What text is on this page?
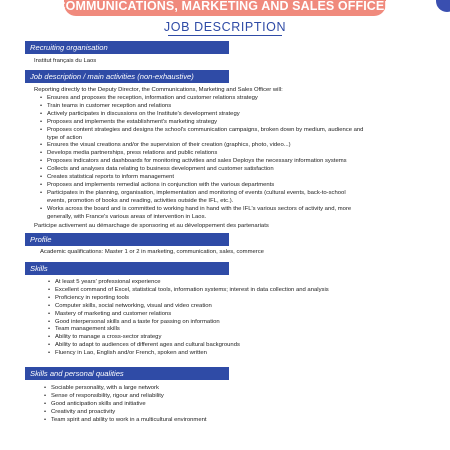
COMMUNICATIONS, MARKETING AND SALES OFFICER
JOB DESCRIPTION
Recruiting organisation
Institut français du Laos
Job description / main activities (non-exhaustive)
Reporting directly to the Deputy Director, the Communications, Marketing and Sales Officer will:
• Ensures and proposes the reception, information and customer relations strategy
• Train teams in customer reception and relations
• Actively participates in discussions on the Institute's development strategy
• Proposes and implements the establishment's marketing strategy
• Proposes content strategies and designs the school's communication campaigns, broken down by medium, audience and type of action
• Ensures the visual creations and/or the supervision of their creation (graphics, photo, video...)
• Develops media partnerships, press relations and public relations
• Proposes indicators and dashboards for monitoring activities and sales Deploys the necessary information systems
• Collects and analyses data relating to business development and customer satisfaction
• Creates statistical reports to inform management
• Proposes and implements remedial actions in conjunction with the various departments
• Participates in the planning, organisation, implementation and monitoring of events (cultural events, back-to-school events, promotion of books and reading, activities outside the IFL, etc.).
• Works across the board and is committed to working hand in hand with the IFL's various sectors of activity and, more generally, with France's various areas of intervention in Laos.
Participe activement au démarchage de sponsoring et au développement des partenariats
Profile
Academic qualifications: Master 1 or 2 in marketing, communication, sales, commerce
Skills
• At least 5 years' professional experience
• Excellent command of Excel, statistical tools, information systems; interest in data collection and analysis
• Proficiency in reporting tools
• Computer skills, social networking, visual and video creation
• Mastery of marketing and customer relations
• Good interpersonal skills and a taste for passing on information
• Team management skills
• Ability to manage a cross-sector strategy
• Ability to adapt to audiences of different ages and cultural backgrounds
• Fluency in Lao, English and/or French, spoken and written
Skills and personal qualities
• Sociable personality, with a large network
• Sense of responsibility, rigour and reliability
• Good anticipation skills and initiative
• Creativity and proactivity
• Team spirit and ability to work in a multicultural environment
